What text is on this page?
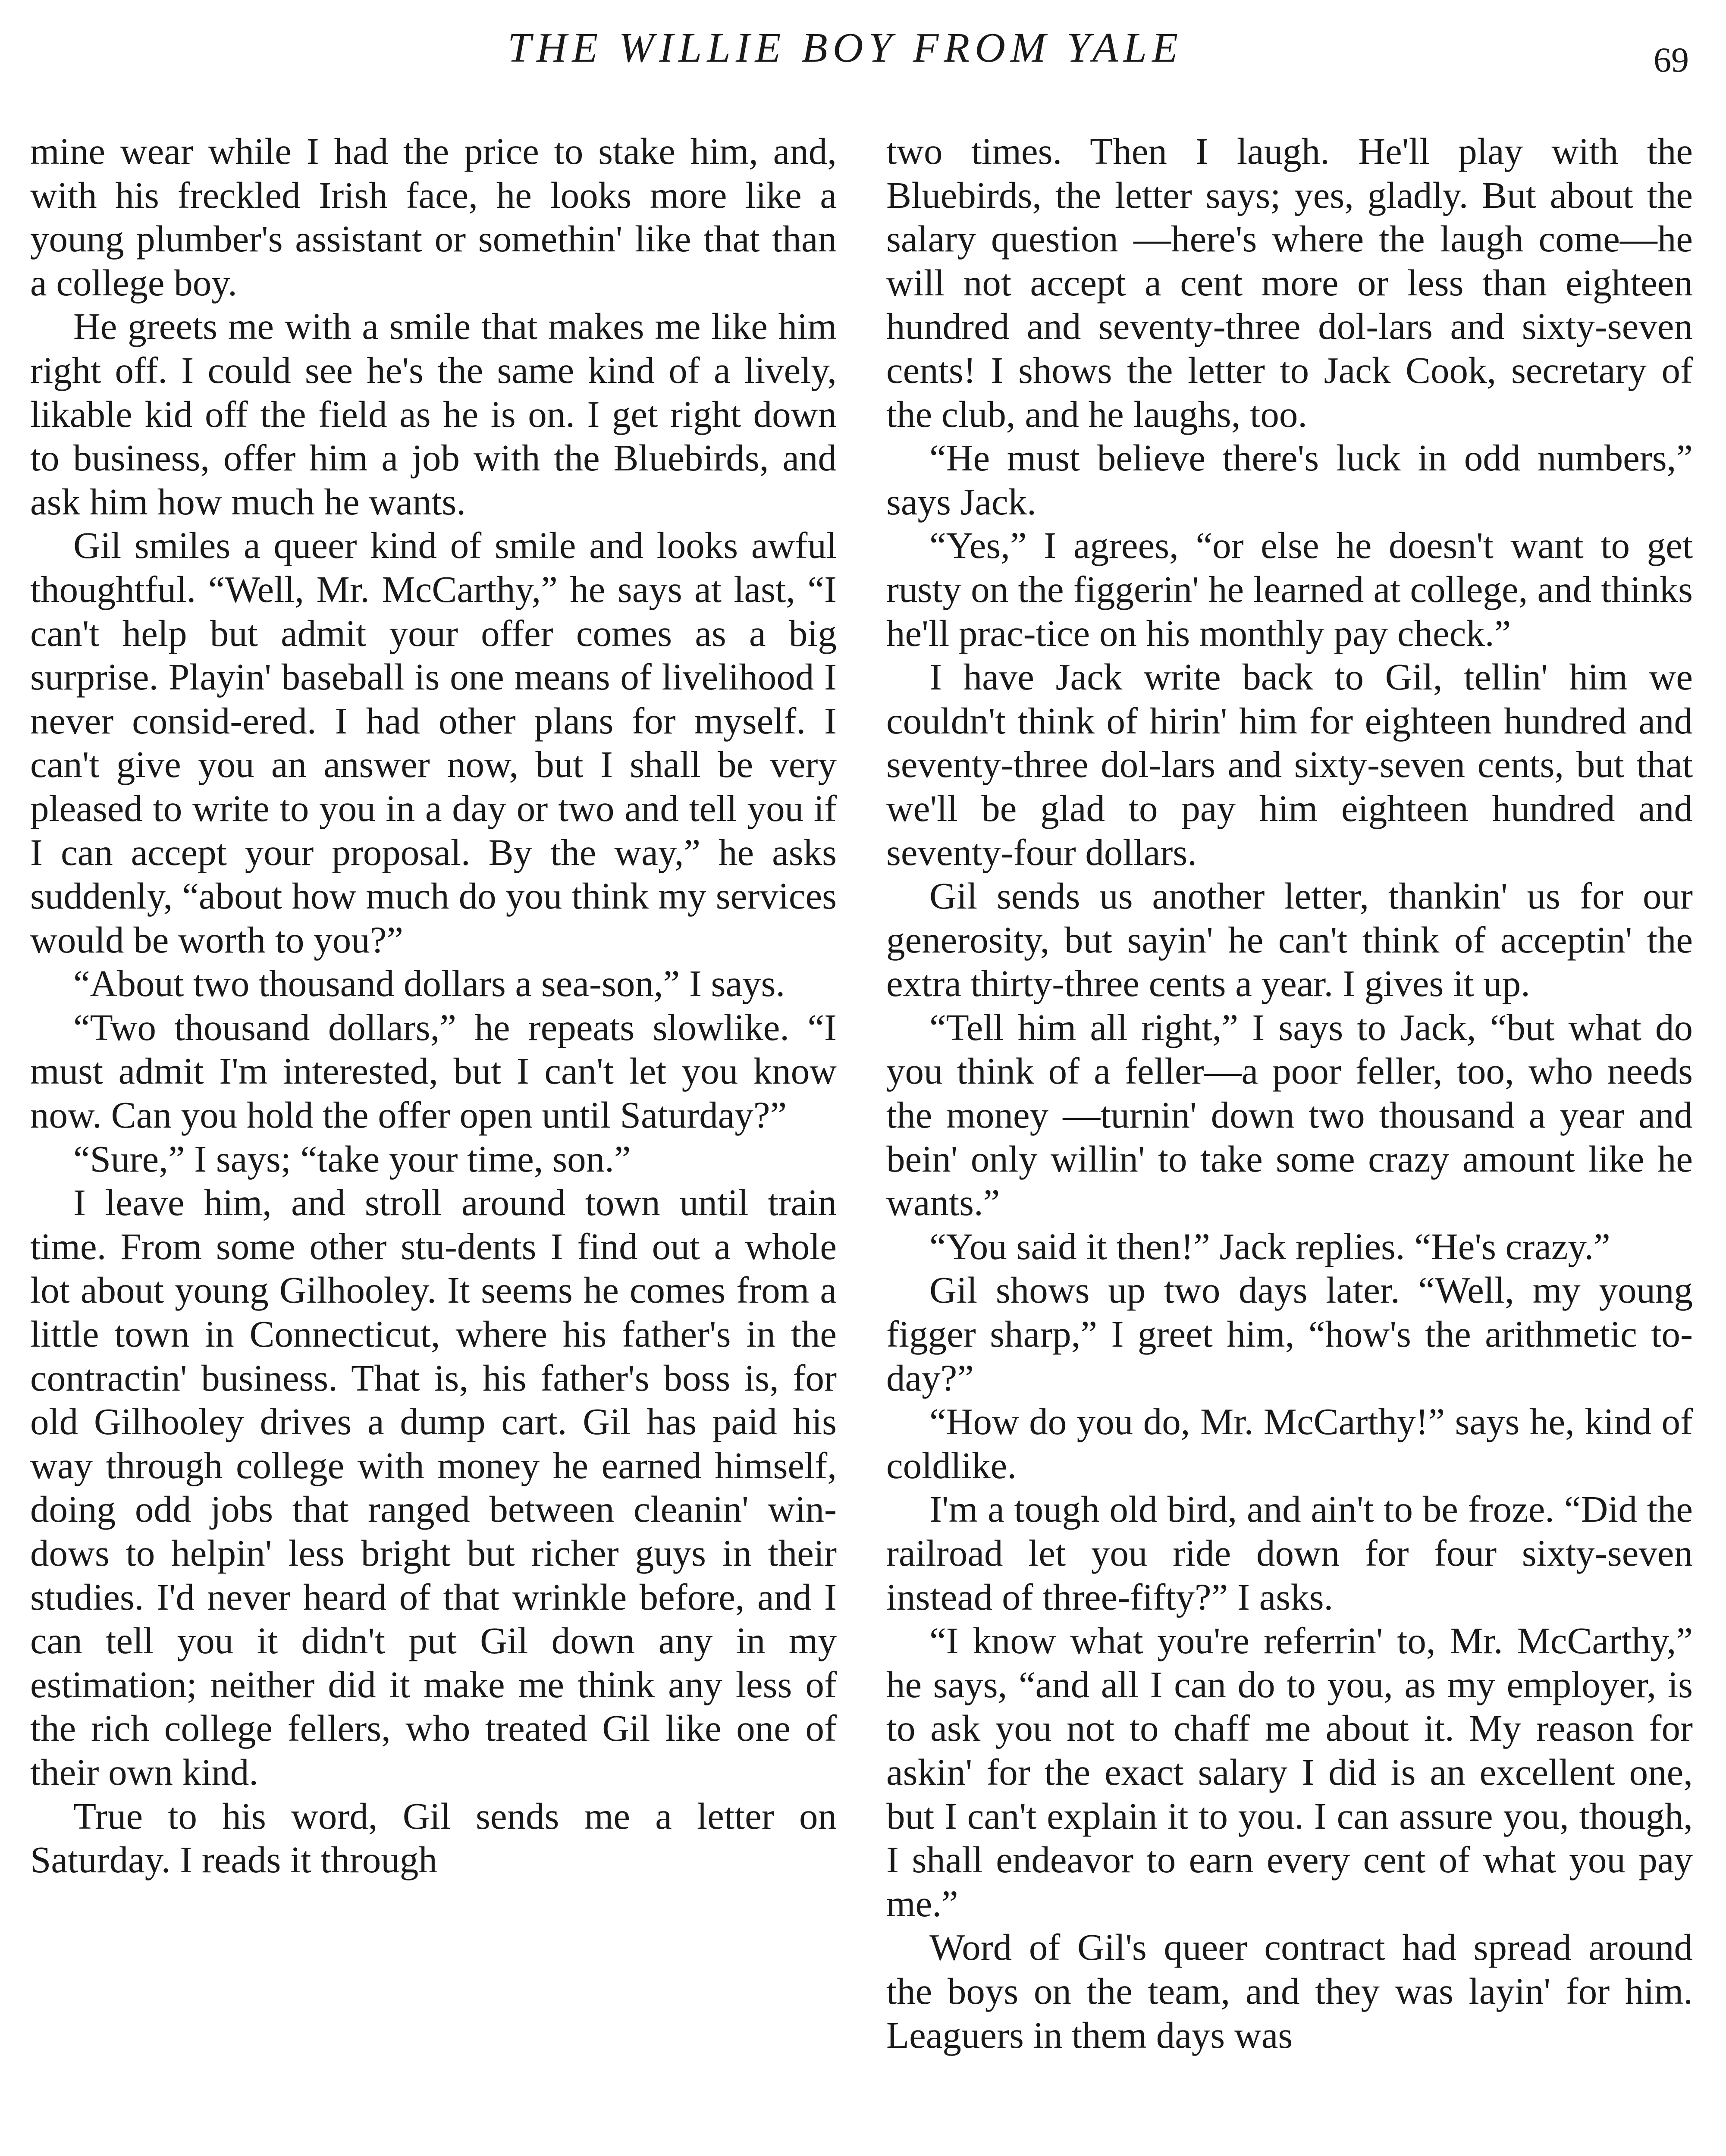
THE WILLIE BOY FROM YALE	69

mine wear while I had the price to stake him, and, with his freckled Irish face, he looks more like a young plumber's assistant or somethin' like that than a college boy.

He greets me with a smile that makes me like him right off. I could see he's the same kind of a lively, likable kid off the field as he is on. I get right down to business, offer him a job with the Bluebirds, and ask him how much he wants.

Gil smiles a queer kind of smile and looks awful thoughtful. “Well, Mr. McCarthy,” he says at last, “I can't help but admit your offer comes as a big surprise. Playin' baseball is one means of livelihood I never consid-ered. I had other plans for myself. I can't give you an answer now, but I shall be very pleased to write to you in a day or two and tell you if I can accept your proposal. By the way,” he asks suddenly, “about how much do you think my services would be worth to you?”

“About two thousand dollars a sea-son,” I says.

“Two thousand dollars,” he repeats slowlike. “I must admit I'm interested, but I can't let you know now. Can you hold the offer open until Saturday?”

“Sure,” I says; “take your time, son.”

I leave him, and stroll around town until train time. From some other stu-dents I find out a whole lot about young Gilhooley. It seems he comes from a little town in Connecticut, where his father's in the contractin' business. That is, his father's boss is, for old Gilhooley drives a dump cart. Gil has paid his way through college with money he earned himself, doing odd jobs that ranged between cleanin' win-dows to helpin' less bright but richer guys in their studies. I'd never heard of that wrinkle before, and I can tell you it didn't put Gil down any in my estimation; neither did it make me think any less of the rich college fellers, who treated Gil like one of their own kind.

True to his word, Gil sends me a letter on Saturday. I reads it through

two times. Then I laugh. He'll play with the Bluebirds, the letter says; yes, gladly. But about the salary question —here's where the laugh come—he will not accept a cent more or less than eighteen hundred and seventy-three dol-lars and sixty-seven cents! I shows the letter to Jack Cook, secretary of the club, and he laughs, too.

“He must believe there's luck in odd numbers,” says Jack.

“Yes,” I agrees, “or else he doesn't want to get rusty on the figgerin' he learned at college, and thinks he'll prac-tice on his monthly pay check.”

I have Jack write back to Gil, tellin' him we couldn't think of hirin' him for eighteen hundred and seventy-three dol-lars and sixty-seven cents, but that we'll be glad to pay him eighteen hundred and seventy-four dollars.

Gil sends us another letter, thankin' us for our generosity, but sayin' he can't think of acceptin' the extra thirty-three cents a year. I gives it up.

“Tell him all right,” I says to Jack, “but what do you think of a feller—a poor feller, too, who needs the money —turnin' down two thousand a year and bein' only willin' to take some crazy amount like he wants.”

“You said it then!” Jack replies. “He's crazy.”

Gil shows up two days later. “Well, my young figger sharp,” I greet him, “how's the arithmetic to-day?”

“How do you do, Mr. McCarthy!” says he, kind of coldlike.

I'm a tough old bird, and ain't to be froze. “Did the railroad let you ride down for four sixty-seven instead of three-fifty?” I asks.

“I know what you're referrin' to, Mr. McCarthy,” he says, “and all I can do to you, as my employer, is to ask you not to chaff me about it. My reason for askin' for the exact salary I did is an excellent one, but I can't explain it to you. I can assure you, though, I shall endeavor to earn every cent of what you pay me.”

Word of Gil's queer contract had spread around the boys on the team, and they was layin' for him. Leaguers in them days was
